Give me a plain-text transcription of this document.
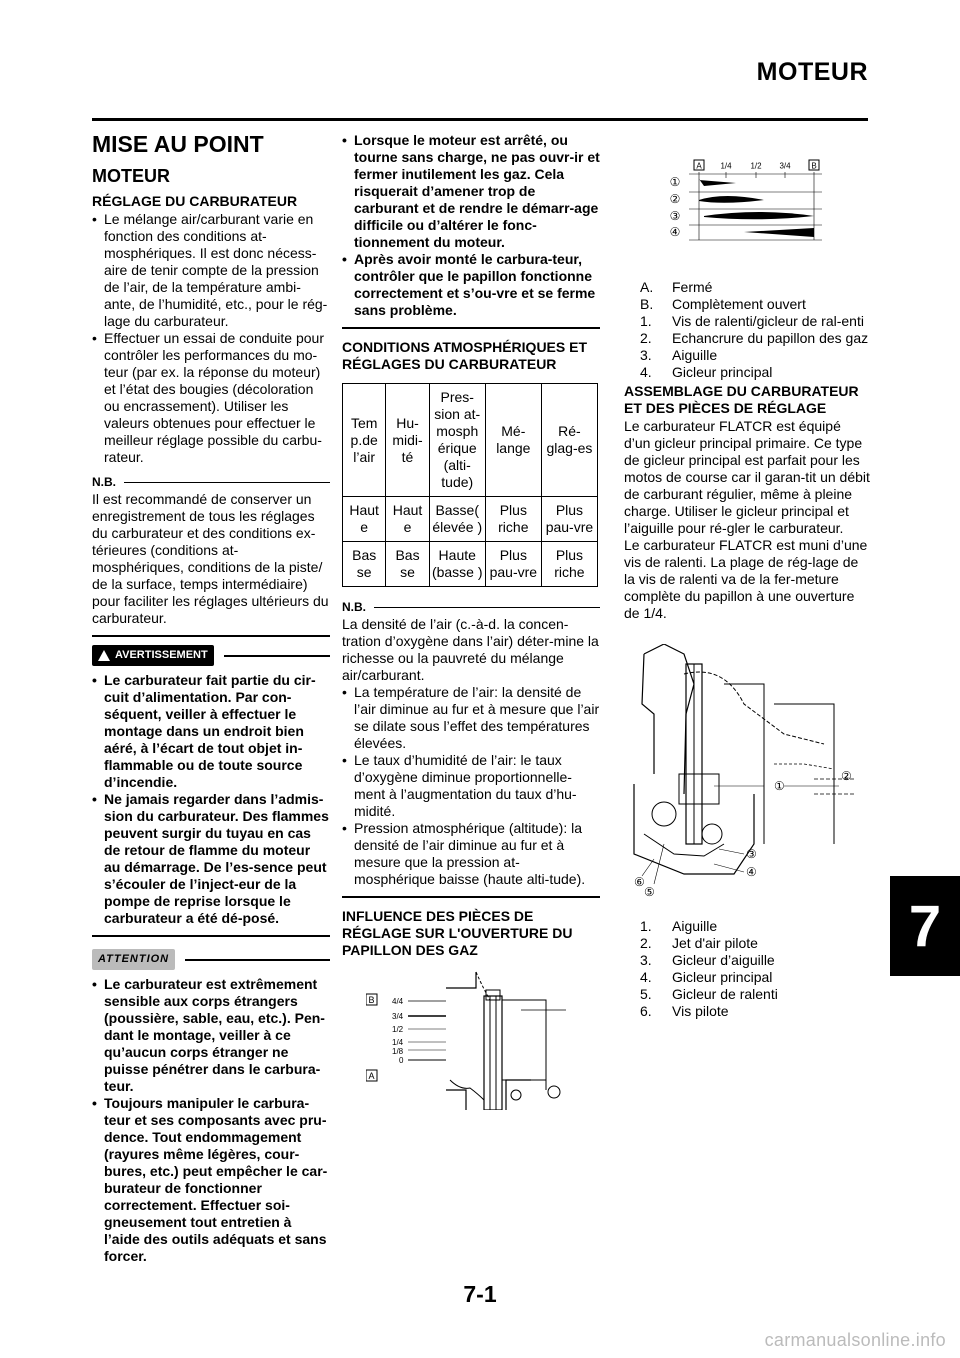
MOTEUR
MISE AU POINT
MOTEUR
RÉGLAGE DU CARBURATEUR
• Le mélange air/carburant varie en fonction des conditions at-mosphériques. Il est donc nécess-aire de tenir compte de la pression de l’air, de la température ambi-ante, de l’humidité, etc., pour le rég-lage du carburateur.
• Effectuer un essai de conduite pour contrôler les performances du mo-teur (par ex. la réponse du moteur) et l’état des bougies (décoloration ou encrassement). Utiliser les valeurs obtenues pour effectuer le meilleur réglage possible du carbu-rateur.
N.B.

Il est recommandé de conserver un enregistrement de tous les réglages du carburateur et des conditions ex-térieures (conditions at-mosphériques, conditions de la piste/ de la surface, temps intermédiaire) pour faciliter les réglages ultérieurs du carburateur.

AVERTISSEMENT
• Le carburateur fait partie du cir-cuit d’alimentation. Par con-séquent, veiller à effectuer le montage dans un endroit bien aéré, à l’écart de tout objet in-flammable ou de toute source d’incendie.
• Ne jamais regarder dans l’admis-sion du carburateur. Des flammes peuvent surgir du tuyau en cas de retour de flamme du moteur au démarrage. De l’es-sence peut s’écouler de l’inject-eur de la pompe de reprise lorsque le carburateur a été dé-posé.
ATTENTION
• Le carburateur est extrêmement sensible aux corps étrangers (poussière, sable, eau, etc.). Pen-dant le montage, veiller à ce qu’aucun corps étranger ne puisse pénétrer dans le carbura-teur.
• Toujours manipuler le carbura-teur et ses composants avec pru-dence. Tout endommagement (rayures même légères, cour-bures, etc.) peut empêcher le car-burateur de fonctionner correctement. Effectuer soi-gneusement tout entretien à l’aide des outils adéquats et sans forcer.
• Lorsque le moteur est arrêté, ou tourne sans charge, ne pas ouvr-ir et fermer inutilement les gaz. Cela risquerait d’amener trop de carburant et de rendre le démarr-age difficile ou d’altérer le fonc-tionnement du moteur.
• Après avoir monté le carbura-teur, contrôler que le papillon fonctionne correctement et s’ou-vre et se ferme sans problème.
CONDITIONS ATMOSPHÉRIQUES ET RÉGLAGES DU CARBURATEUR
Tem p.de l’air	Hu-midi-té	Pres-sion at-mosph érique (alti-tude)	Mé-lange	Ré-glag-es
Haut e	Haut e	Basse( élevée )	Plus riche	Plus pau-vre
Bas se	Bas se	Haute (basse )	Plus pau-vre	Plus riche
N.B.

La densité de l’air (c.-à-d. la concen-tration d’oxygène dans l’air) déter-mine la richesse ou la pauvreté du mélange air/carburant.

• La température de l’air: la densité de l’air diminue au fur et à mesure que l’air se dilate sous l’effet des températures élevées.
• Le taux d’humidité de l’air: le taux d’oxygène diminue proportionnelle-ment à l’augmentation du taux d’hu-midité.
• Pression atmosphérique (altitude): la densité de l’air diminue au fur et à mesure que la pression at-mosphérique baisse (haute alti-tude).
INFLUENCE DES PIÈCES DE RÉGLAGE SUR L'OUVERTURE DU PAPILLON DES GAZ
B
A
4/4
3/4
1/2
1/4
1/8
0
A 1/4 1/2 3/4	B
①
②
③
④
A. Fermé
B. Complètement ouvert
1. Vis de ralenti/gicleur de ral-enti
2. Echancrure du papillon des gaz
3. Aiguille
4. Gicleur principal
ASSEMBLAGE DU CARBURATEUR ET DES PIÈCES DE RÉGLAGE

Le carburateur FLATCR est équipé d’un gicleur principal primaire. Ce type de gicleur principal est parfait pour les motos de course car il garan-tit un débit de carburant régulier, même à pleine charge. Utiliser le gicleur principal et l’aiguille pour ré-gler le carburateur.

Le carburateur FLATCR est muni d’une vis de ralenti. La plage de rég-lage de la vis de ralenti va de la fer-meture complète du papillon à une ouverture de 1/4.

①
②
③
④
⑤
⑥
1. Aiguille
2. Jet d'air pilote
3. Gicleur d’aiguille
4. Gicleur principal
5. Gicleur de ralenti
6. Vis pilote
7
7-1
carmanualsonline.info
